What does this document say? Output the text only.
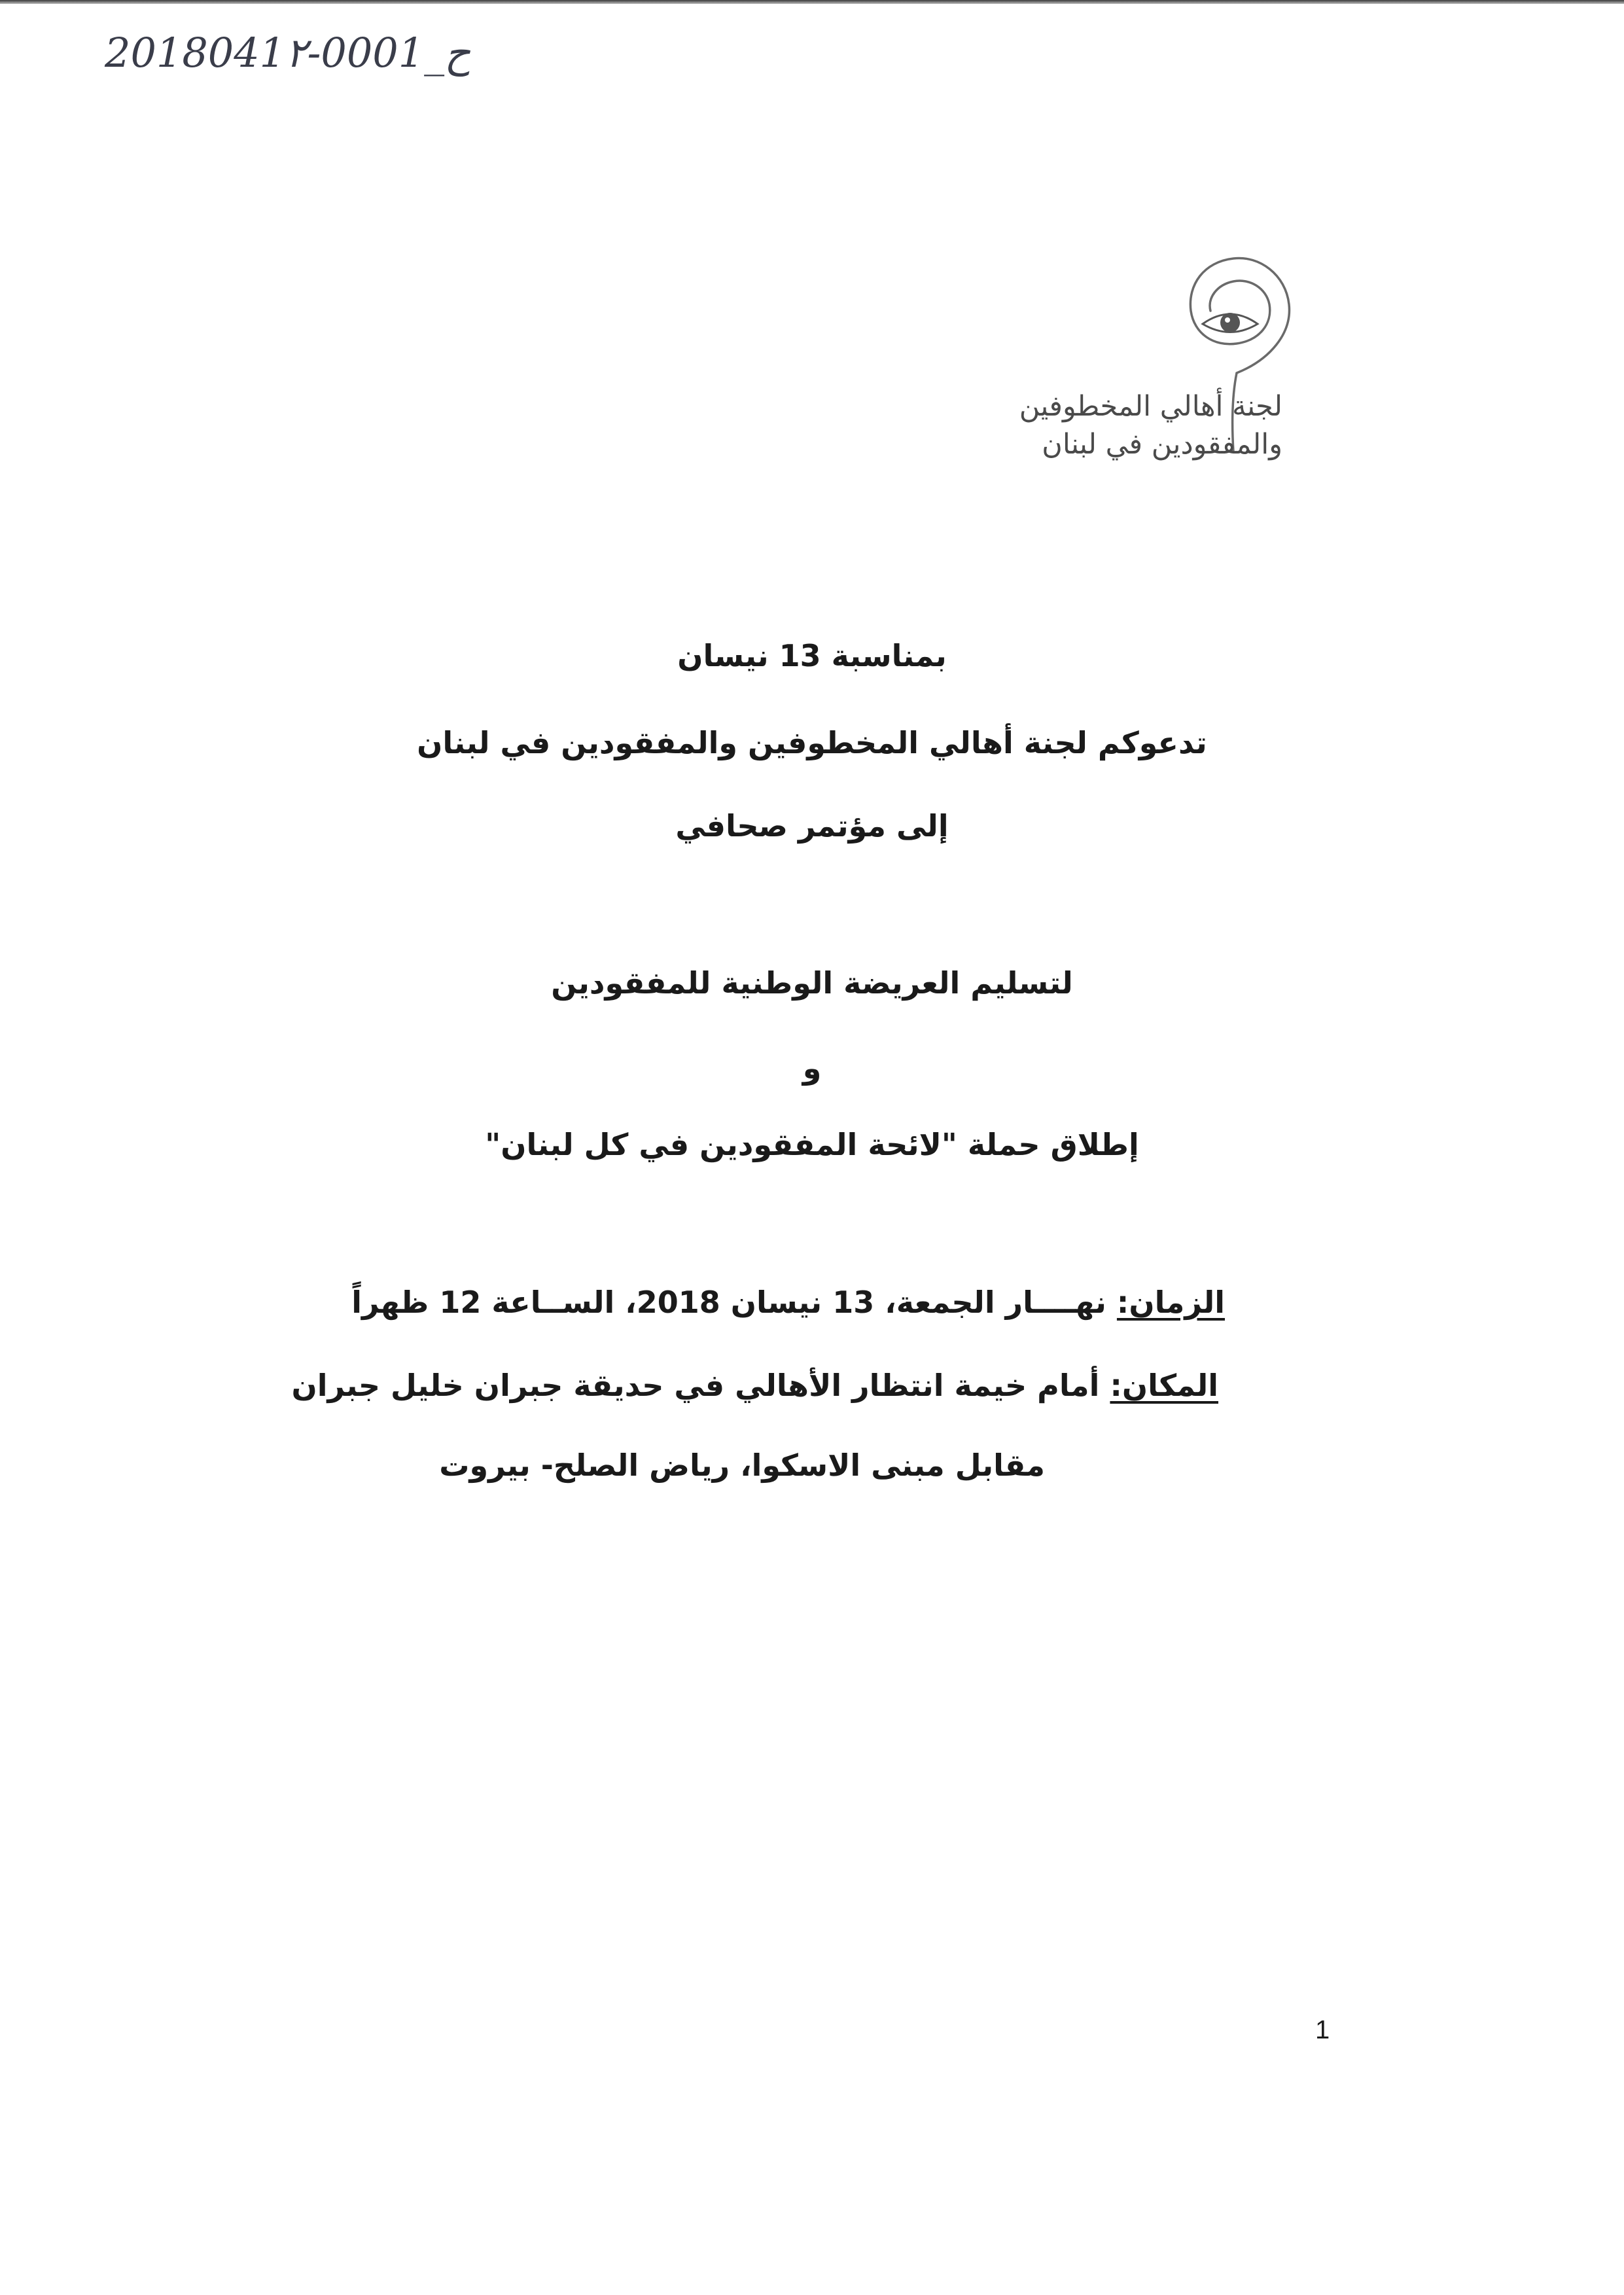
2018041٢-0001_ح
لجنة أهالي المخطوفين
والمفقودين في لبنان
بمناسبة 13 نيسان
تدعوكم لجنة أهالي المخطوفين والمفقودين في لبنان
إلى مؤتمر صحافي
لتسليم العريضة الوطنية للمفقودين
و
إطلاق حملة "لائحة المفقودين في كل لبنان"
الزمان: نهــــار الجمعة، 13 نيسان 2018، الســاعة 12 ظهراً
المكان: أمام خيمة انتظار الأهالي في حديقة جبران خليل جبران
مقابل مبنى الاسكوا، رياض الصلح- بيروت
1
